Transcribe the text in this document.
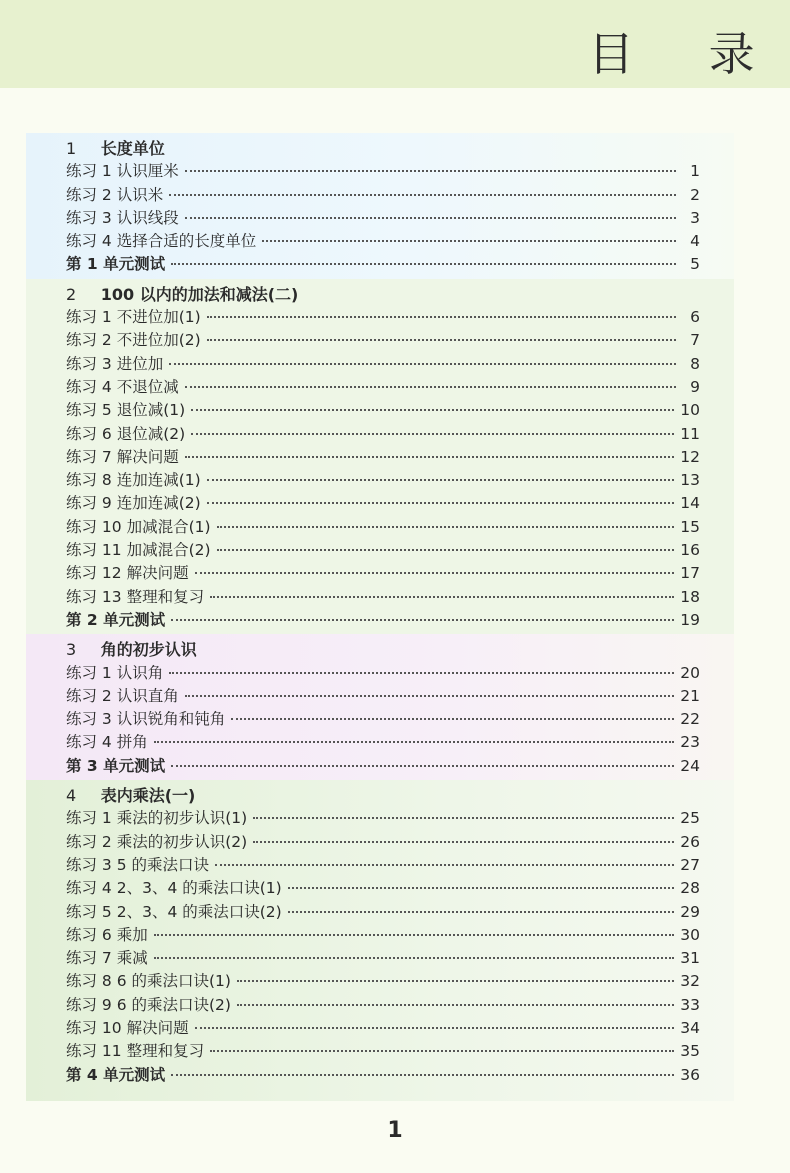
目 录
1 长度单位
练习 1 认识厘米	1
练习 2 认识米	2
练习 3 认识线段	3
练习 4 选择合适的长度单位	4
第 1 单元测试	5
2 100 以内的加法和减法(二)
练习 1 不进位加(1)	6
练习 2 不进位加(2)	7
练习 3 进位加	8
练习 4 不退位减	9
练习 5 退位减(1)	10
练习 6 退位减(2)	11
练习 7 解决问题	12
练习 8 连加连减(1)	13
练习 9 连加连减(2)	14
练习 10 加减混合(1)	15
练习 11 加减混合(2)	16
练习 12 解决问题	17
练习 13 整理和复习	18
第 2 单元测试	19
3 角的初步认识
练习 1 认识角	20
练习 2 认识直角	21
练习 3 认识锐角和钝角	22
练习 4 拼角	23
第 3 单元测试	24
4 表内乘法(一)
练习 1 乘法的初步认识(1)	25
练习 2 乘法的初步认识(2)	26
练习 3 5 的乘法口诀	27
练习 4 2、3、4 的乘法口诀(1)	28
练习 5 2、3、4 的乘法口诀(2)	29
练习 6 乘加	30
练习 7 乘减	31
练习 8 6 的乘法口诀(1)	32
练习 9 6 的乘法口诀(2)	33
练习 10 解决问题	34
练习 11 整理和复习	35
第 4 单元测试	36
1
